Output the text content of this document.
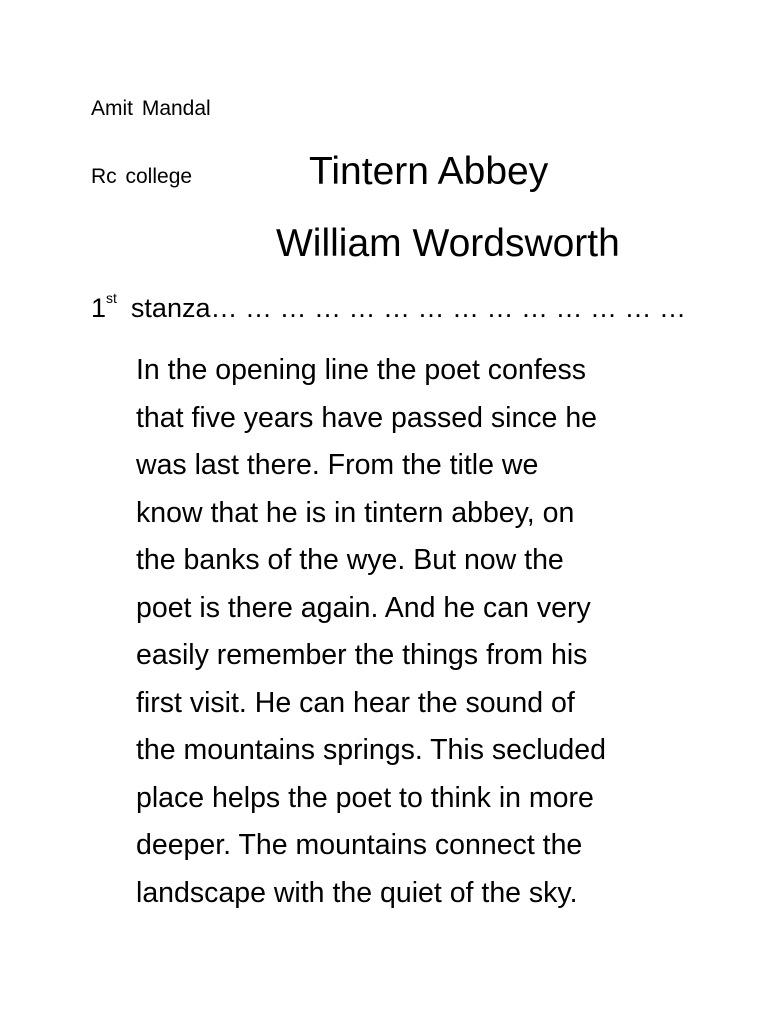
Amit Mandal
Rc college	Tintern Abbey
William Wordsworth
1st stanza… … … … … … … … … … … … … …
In the opening line the poet confess
that five years have passed since he
was last there. From the title we
know that he is in tintern abbey, on
the banks of the wye. But now the
poet is there again. And he can very
easily remember the things from his
first visit. He can hear the sound of
the mountains springs. This secluded
place helps the poet to think in more
deeper. The mountains connect the
landscape with the quiet of the sky.
